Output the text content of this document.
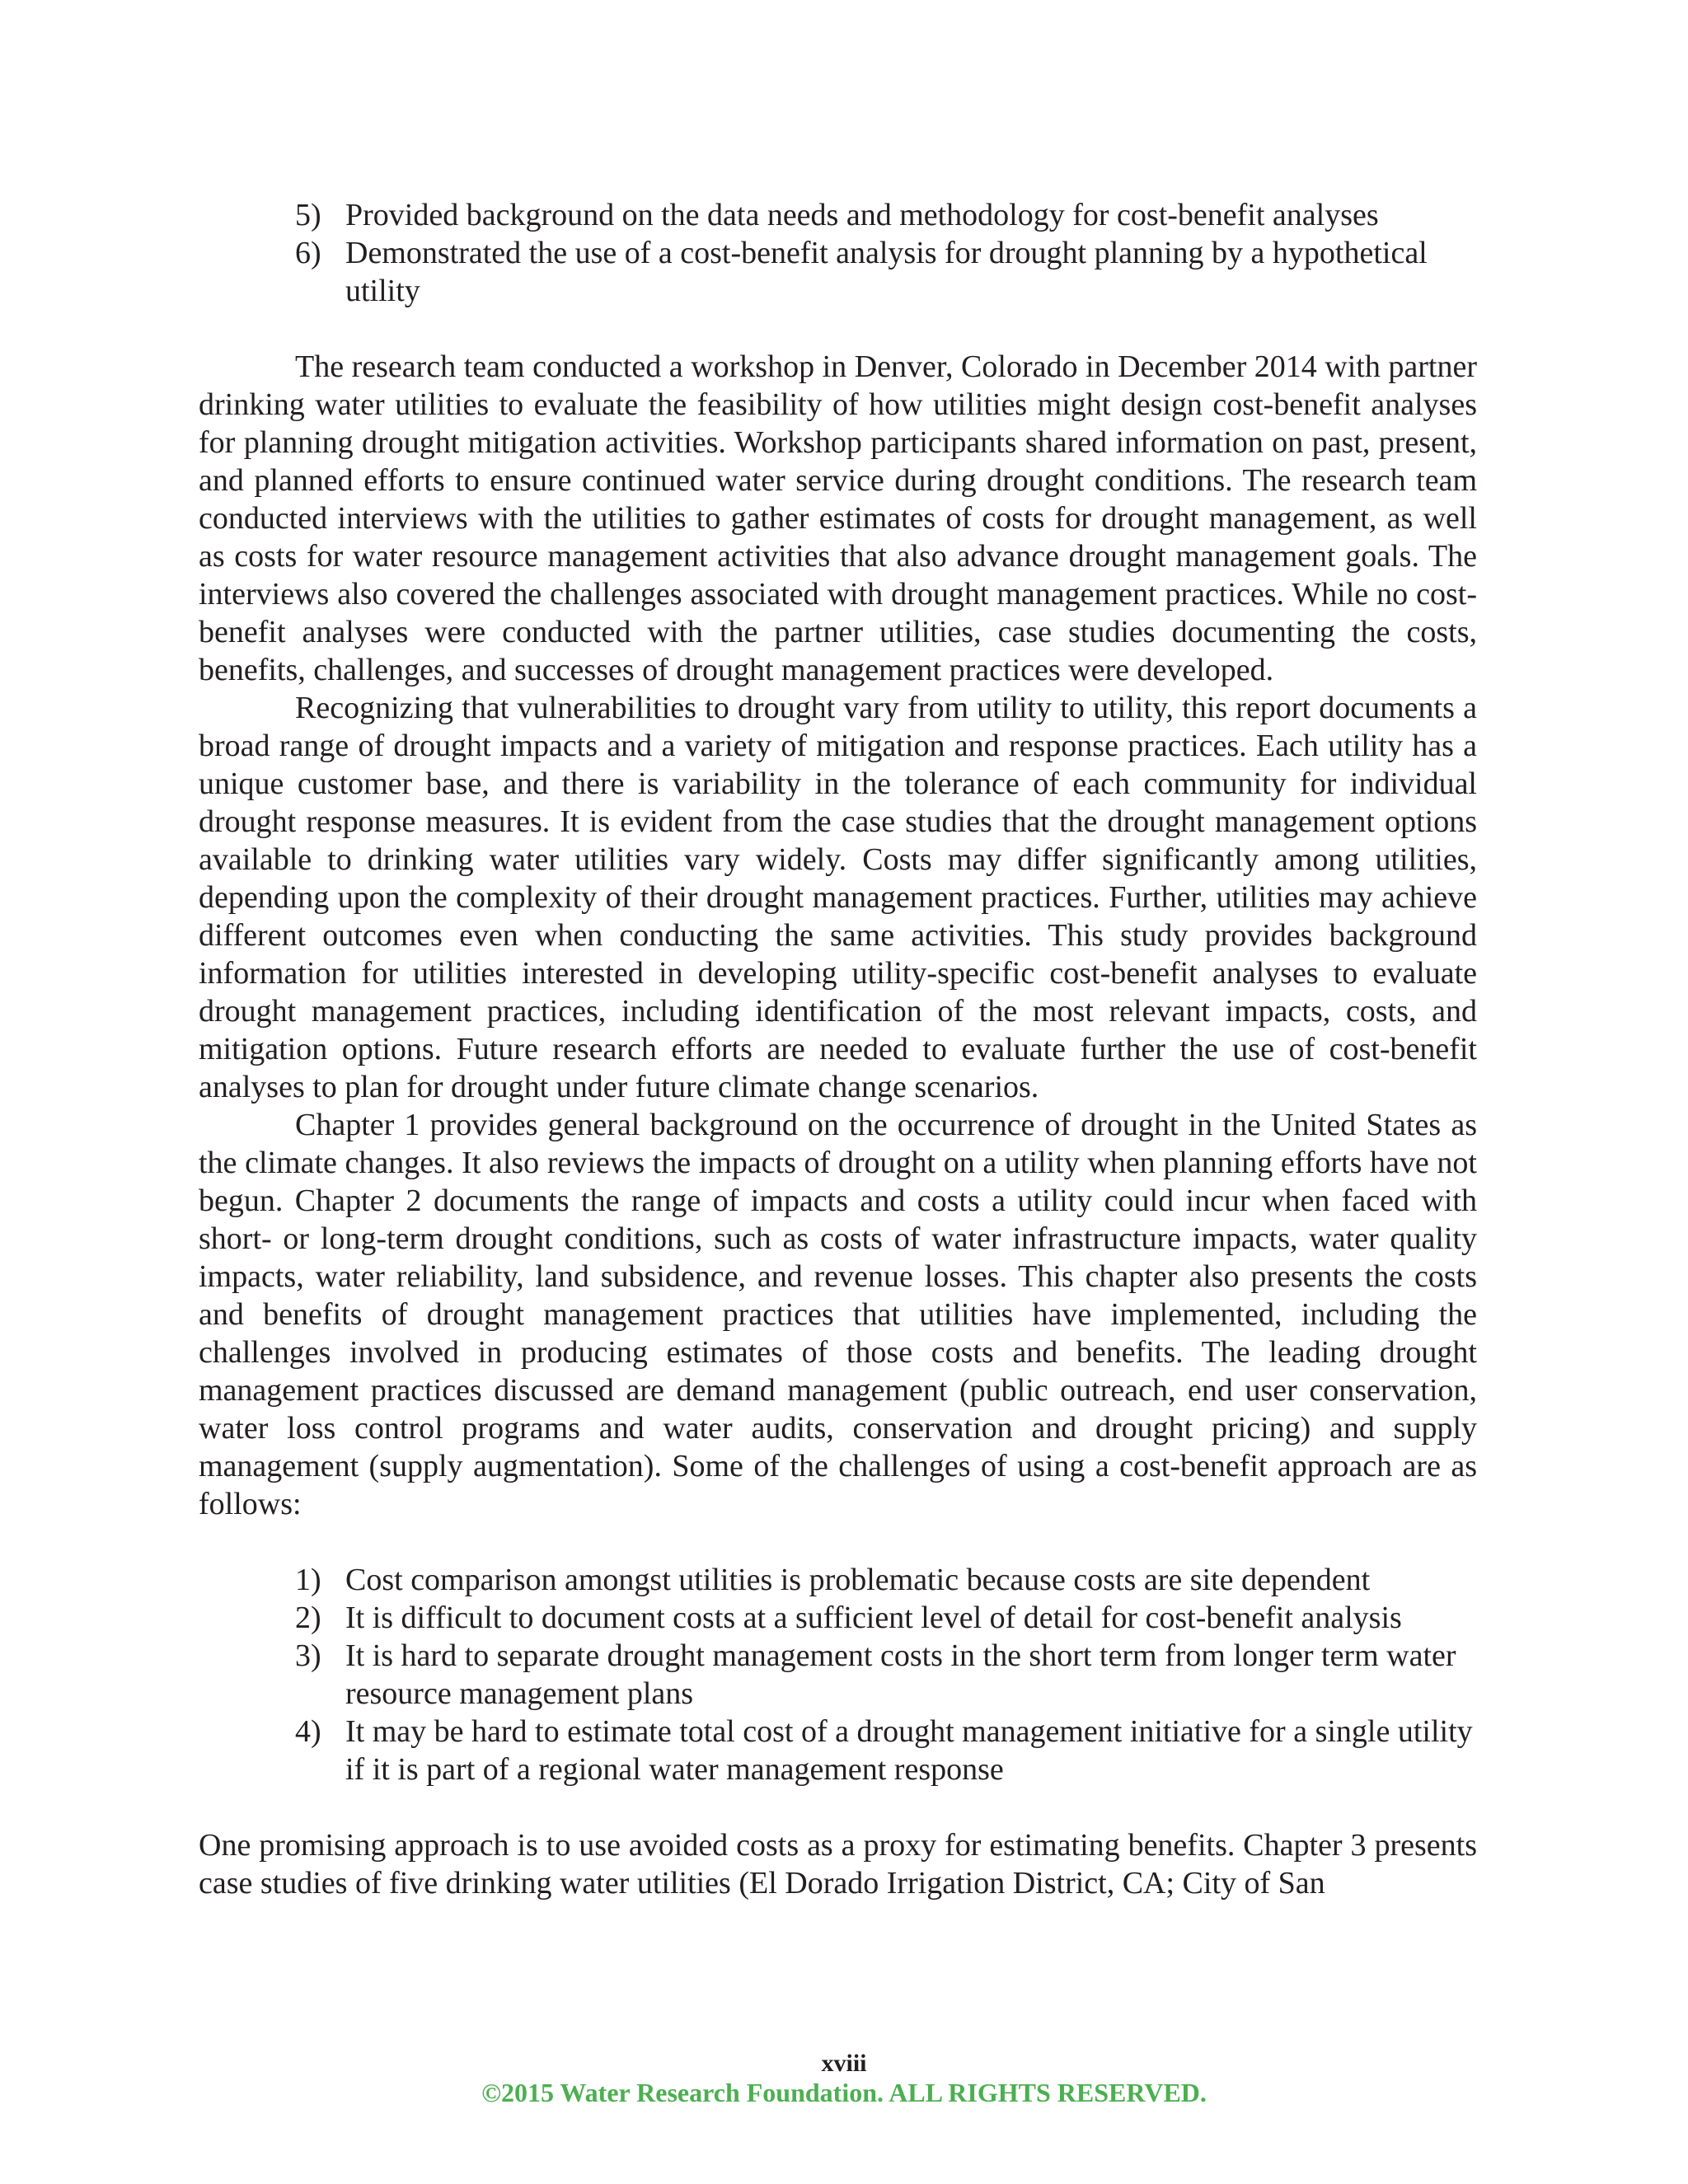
5) Provided background on the data needs and methodology for cost-benefit analyses
6) Demonstrated the use of a cost-benefit analysis for drought planning by a hypothetical utility

The research team conducted a workshop in Denver, Colorado in December 2014 with partner drinking water utilities to evaluate the feasibility of how utilities might design cost-benefit analyses for planning drought mitigation activities. Workshop participants shared information on past, present, and planned efforts to ensure continued water service during drought conditions. The research team conducted interviews with the utilities to gather estimates of costs for drought management, as well as costs for water resource management activities that also advance drought management goals. The interviews also covered the challenges associated with drought management practices. While no cost-benefit analyses were conducted with the partner utilities, case studies documenting the costs, benefits, challenges, and successes of drought management practices were developed.

Recognizing that vulnerabilities to drought vary from utility to utility, this report documents a broad range of drought impacts and a variety of mitigation and response practices. Each utility has a unique customer base, and there is variability in the tolerance of each community for individual drought response measures. It is evident from the case studies that the drought management options available to drinking water utilities vary widely. Costs may differ significantly among utilities, depending upon the complexity of their drought management practices. Further, utilities may achieve different outcomes even when conducting the same activities. This study provides background information for utilities interested in developing utility-specific cost-benefit analyses to evaluate drought management practices, including identification of the most relevant impacts, costs, and mitigation options. Future research efforts are needed to evaluate further the use of cost-benefit analyses to plan for drought under future climate change scenarios.

Chapter 1 provides general background on the occurrence of drought in the United States as the climate changes. It also reviews the impacts of drought on a utility when planning efforts have not begun. Chapter 2 documents the range of impacts and costs a utility could incur when faced with short- or long-term drought conditions, such as costs of water infrastructure impacts, water quality impacts, water reliability, land subsidence, and revenue losses. This chapter also presents the costs and benefits of drought management practices that utilities have implemented, including the challenges involved in producing estimates of those costs and benefits. The leading drought management practices discussed are demand management (public outreach, end user conservation, water loss control programs and water audits, conservation and drought pricing) and supply management (supply augmentation). Some of the challenges of using a cost-benefit approach are as follows:

1) Cost comparison amongst utilities is problematic because costs are site dependent
2) It is difficult to document costs at a sufficient level of detail for cost-benefit analysis
3) It is hard to separate drought management costs in the short term from longer term water resource management plans
4) It may be hard to estimate total cost of a drought management initiative for a single utility if it is part of a regional water management response

One promising approach is to use avoided costs as a proxy for estimating benefits. Chapter 3 presents case studies of five drinking water utilities (El Dorado Irrigation District, CA; City of San

xviii
©2015 Water Research Foundation. ALL RIGHTS RESERVED.
